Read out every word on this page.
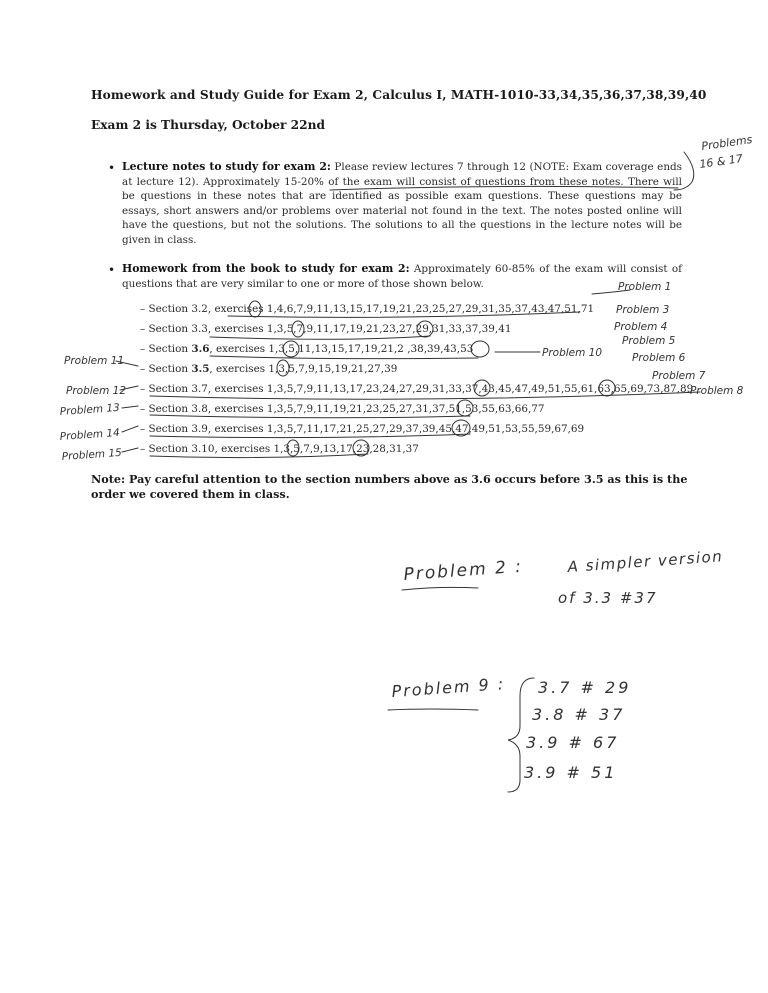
Homework and Study Guide for Exam 2, Calculus I, MATH-1010-33,34,35,36,37,38,39,40
Exam 2 is Thursday, October 22nd
• Lecture notes to study for exam 2: Please review lectures 7 through 12 (NOTE: Exam coverage ends at lecture 12). Approximately 15-20% of the exam will consist of questions from these notes. There will be questions in these notes that are identified as possible exam questions. These questions may be essays, short answers and/or problems over material not found in the text. The notes posted online will have the questions, but not the solutions. The solutions to all the questions in the lecture notes will be given in class.
• Homework from the book to study for exam 2: Approximately 60-85% of the exam will consist of questions that are very similar to one or more of those shown below.
– Section 3.2, exercises 1,4,6,7,9,11,13,15,17,19,21,23,25,27,29,31,35,37,43,47,51,71
– Section 3.3, exercises 1,3,5,7,9,11,17,19,21,23,27,29,31,33,37,39,41
– Section 3.6, exercises 1,3,5,11,13,15,17,19,21,2 ,38,39,43,53
– Section 3.5, exercises 1,3,5,7,9,15,19,21,27,39
– Section 3.7, exercises 1,3,5,7,9,11,13,17,23,24,27,29,31,33,37,43,45,47,49,51,55,61,63,65,69,73,87,89
– Section 3.8, exercises 1,3,5,7,9,11,19,21,23,25,27,31,37,51,53,55,63,66,77
– Section 3.9, exercises 1,3,5,7,11,17,21,25,27,29,37,39,45,47,49,51,53,55,59,67,69
– Section 3.10, exercises 1,3,5,7,9,13,17,23,28,31,37
Note: Pay careful attention to the section numbers above as 3.6 occurs before 3.5 as this is the order we covered them in class.
Problems
16 & 17
Problem 1
Problem 3
Problem 4
Problem 5
Problem 10	Problem 6
Problem 7
Problem 8
Problem 11
Problem 12
Problem 13
Problem 14
Problem 15
Problem 2 :	A simpler version
of 3.3 #37
Problem 9 : 3.7 # 29
3.8 # 37
3.9 # 67
3.9 # 51
